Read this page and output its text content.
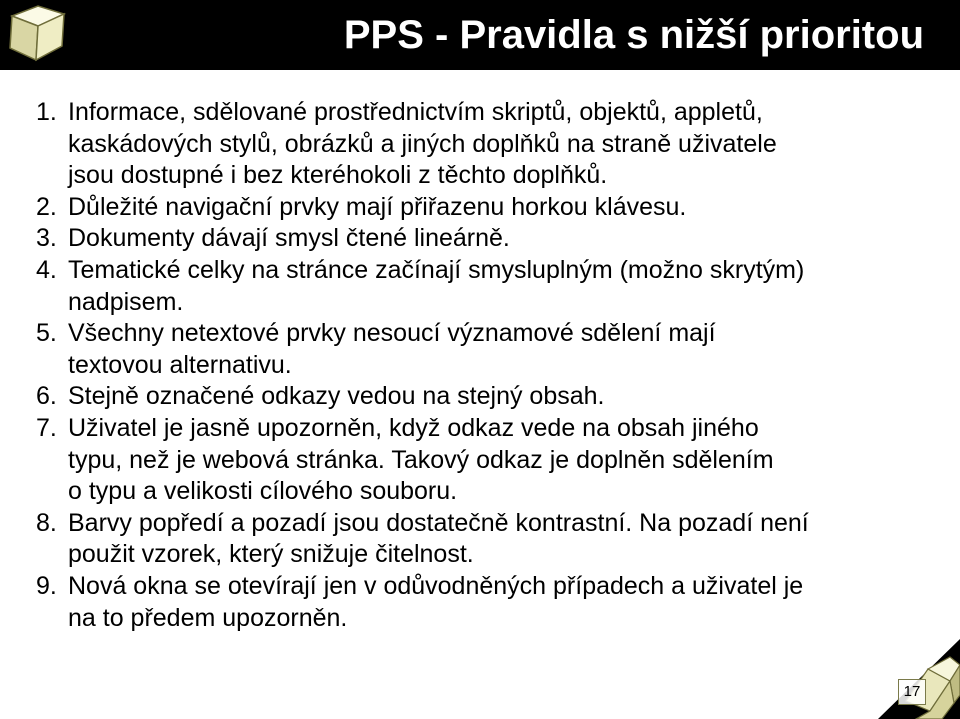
PPS - Pravidla s nižší prioritou
1. Informace, sdělované prostřednictvím skriptů, objektů, appletů,
kaskádových stylů, obrázků a jiných doplňků na straně uživatele
jsou dostupné i bez kteréhokoli z těchto doplňků.
2. Důležité navigační prvky mají přiřazenu horkou klávesu.
3. Dokumenty dávají smysl čtené lineárně.
4. Tematické celky na stránce začínají smysluplným (možno skrytým)
nadpisem.
5. Všechny netextové prvky nesoucí významové sdělení mají
textovou alternativu.
6. Stejně označené odkazy vedou na stejný obsah.
7. Uživatel je jasně upozorněn, když odkaz vede na obsah jiného
typu, než je webová stránka. Takový odkaz je doplněn sdělením
o typu a velikosti cílového souboru.
8. Barvy popředí a pozadí jsou dostatečně kontrastní. Na pozadí není
použit vzorek, který snižuje čitelnost.
9. Nová okna se otevírají jen v odůvodněných případech a uživatel je
na to předem upozorněn.
17
